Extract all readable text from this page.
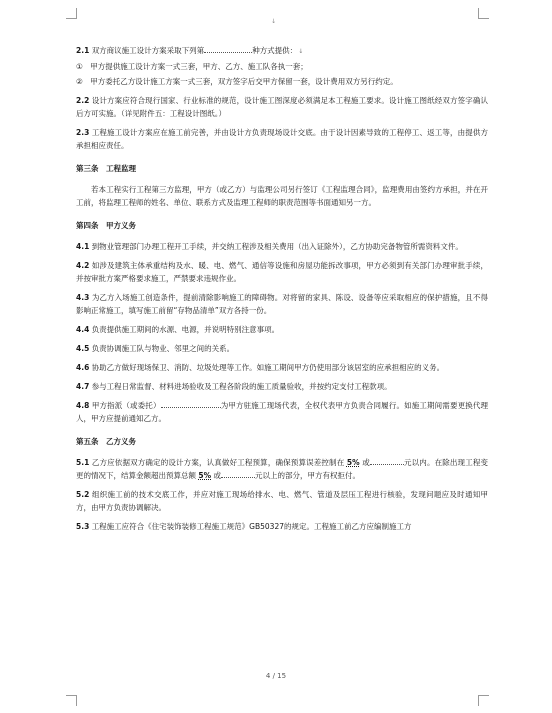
↓

2.1 双方商议施工设计方案采取下列第	种方式提供：↓

①　甲方提供施工设计方案一式三套，甲方、乙方、施工队各执一套；

②　甲方委托乙方设计施工方案一式三套，双方签字后交甲方保留一套，设计费用双方另行约定。

2.2 设计方案应符合现行国家、行业标准的规范，设计施工图深度必须满足本工程施工要求。设计施工图纸经双方签字确认后方可实施。（详见附件五：工程设计图纸。）

2.3 工程施工设计方案应在施工前完善，并由设计方负责现场设计交底。由于设计因素导致的工程停工、返工等，由提供方承担相应责任。

第三条　工程监理

若本工程实行工程第三方监理，甲方（或乙方）与监理公司另行签订《工程监理合同》，监理费用由签约方承担，并在开工前，将监理工程师的姓名、单位、联系方式及监理工程师的职责范围等书面通知另一方。

第四条　甲方义务

4.1 到物业管理部门办理工程开工手续，并交纳工程涉及相关费用（出入证除外），乙方协助完备物管所需资料文件。

4.2 如涉及建筑主体承重结构及水、暖、电、燃气、通信等设施和房屋功能拆改事项，甲方必须到有关部门办理审批手续，并按审批方案严格要求施工，严禁要求违规作业。

4.3 为乙方入场施工创造条件，提前清除影响施工的障碍物。对将留的家具、陈设、设备等应采取相应的保护措施，且不得影响正常施工，填写施工前留“存物品清单”双方各持一份。

4.4 负责提供施工期间的水源、电源，并说明特别注意事项。

4.5 负责协调施工队与物业、邻里之间的关系。

4.6 协助乙方做好现场保卫、消防、垃圾处理等工作。如施工期间甲方仍使用部分该居室的应承担相应的义务。

4.7 参与工程日常监督、材料进场验收及工程各阶段的施工质量验收，并按约定支付工程款项。

4.8 甲方指派（或委托）	为甲方驻施工现场代表，全权代表甲方负责合同履行。如施工期间需要更换代理人，甲方应提前通知乙方。

第五条　乙方义务

5.1 乙方应依据双方确定的设计方案，认真做好工程预算，确保预算误差控制在 5% 或	元以内。在除出现工程变更的情况下，结算金额超出预算总额 5% 或	元以上的部分，甲方有权拒付。

5.2 组织施工前的技术交底工作，并应对施工现场给排水、电、燃气、管道及层压工程进行核验，发现问题应及时通知甲方，由甲方负责协调解决。

5.3 工程施工应符合《住宅装饰装修工程施工规范》GB50327的规定。工程施工前乙方应编制施工方

4 / 15
